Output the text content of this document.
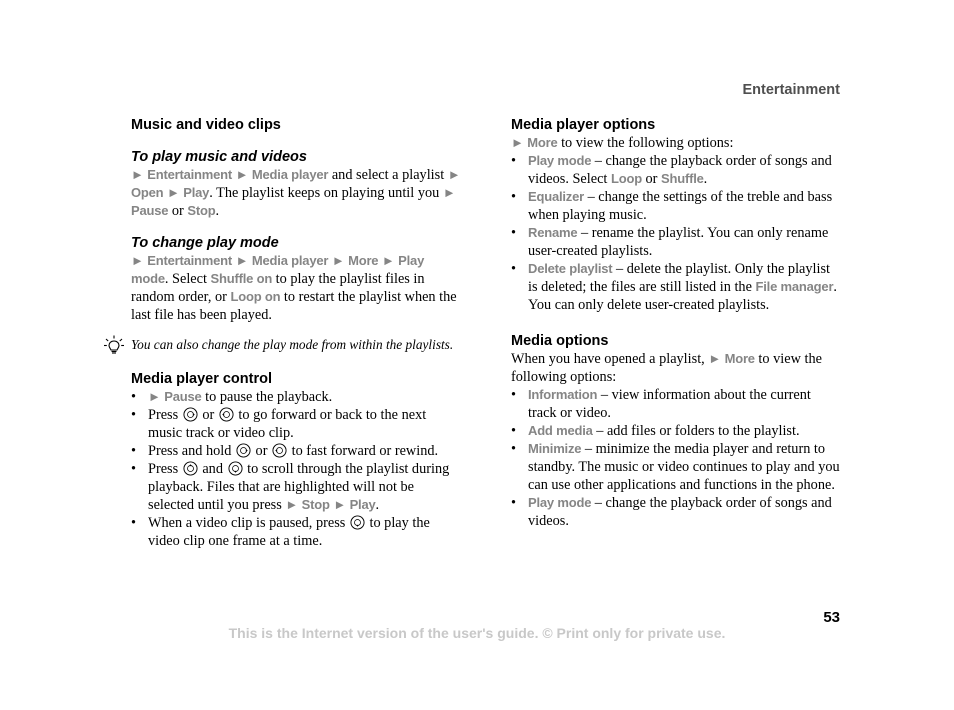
Entertainment
Music and video clips
To play music and videos

► Entertainment ► Media player and select a playlist ► Open ► Play. The playlist keeps on playing until you ► Pause or Stop.

To change play mode

► Entertainment ► Media player ► More ► Play mode. Select Shuffle on to play the playlist files in random order, or Loop on to restart the playlist when the last file has been played.

You can also change the play mode from within the playlists.

Media player control
• ► Pause to pause the playback.
• Press  or  to go forward or back to the next music track or video clip.
• Press and hold  or  to fast forward or rewind.
• Press  and  to scroll through the playlist during playback. Files that are highlighted will not be selected until you press ► Stop ► Play.
• When a video clip is paused, press  to play the video clip one frame at a time.
Media player options

► More to view the following options:

• Play mode – change the playback order of songs and videos. Select Loop or Shuffle.
• Equalizer – change the settings of the treble and bass when playing music.
• Rename – rename the playlist. You can only rename user-created playlists.
• Delete playlist – delete the playlist. Only the playlist is deleted; the files are still listed in the File manager. You can only delete user-created playlists.
Media options

When you have opened a playlist, ► More to view the following options:

• Information – view information about the current track or video.
• Add media – add files or folders to the playlist.
• Minimize – minimize the media player and return to standby. The music or video continues to play and you can use other applications and functions in the phone.
• Play mode – change the playback order of songs and videos.
53
This is the Internet version of the user's guide. © Print only for private use.
